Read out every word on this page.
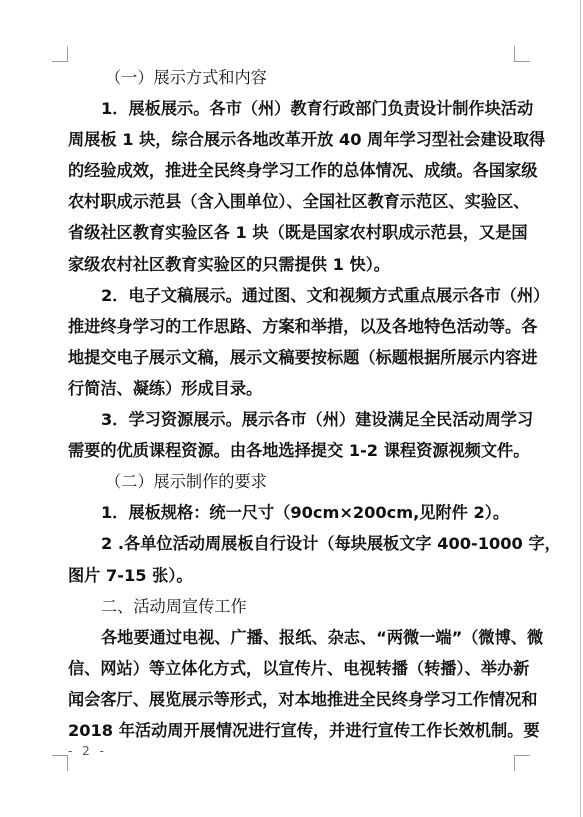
（一）展示方式和内容
1．展板展示。各市（州）教育行政部门负责设计制作块活动
周展板 1 块，综合展示各地改革开放 40 周年学习型社会建设取得
的经验成效，推进全民终身学习工作的总体情况、成绩。各国家级
农村职成示范县（含入围单位）、全国社区教育示范区、实验区、
省级社区教育实验区各 1 块（既是国家农村职成示范县，又是国
家级农村社区教育实验区的只需提供 1 快）。
2．电子文稿展示。通过图、文和视频方式重点展示各市（州）
推进终身学习的工作思路、方案和举措，以及各地特色活动等。各
地提交电子展示文稿，展示文稿要按标题（标题根据所展示内容进
行简洁、凝练）形成目录。
3．学习资源展示。展示各市（州）建设满足全民活动周学习
需要的优质课程资源。由各地选择提交 1-2 课程资源视频文件。
（二）展示制作的要求
1．展板规格：统一尺寸（90cm×200cm,见附件 2）。
2 .各单位活动周展板自行设计（每块展板文字 400-1000 字，
图片 7-15 张）。
二、活动周宣传工作
各地要通过电视、广播、报纸、杂志、“两微一端”（微博、微
信、网站）等立体化方式，以宣传片、电视转播（转播）、举办新
闻会客厅、展览展示等形式，对本地推进全民终身学习工作情况和
2018 年活动周开展情况进行宣传，并进行宣传工作长效机制。要
- 2 -
